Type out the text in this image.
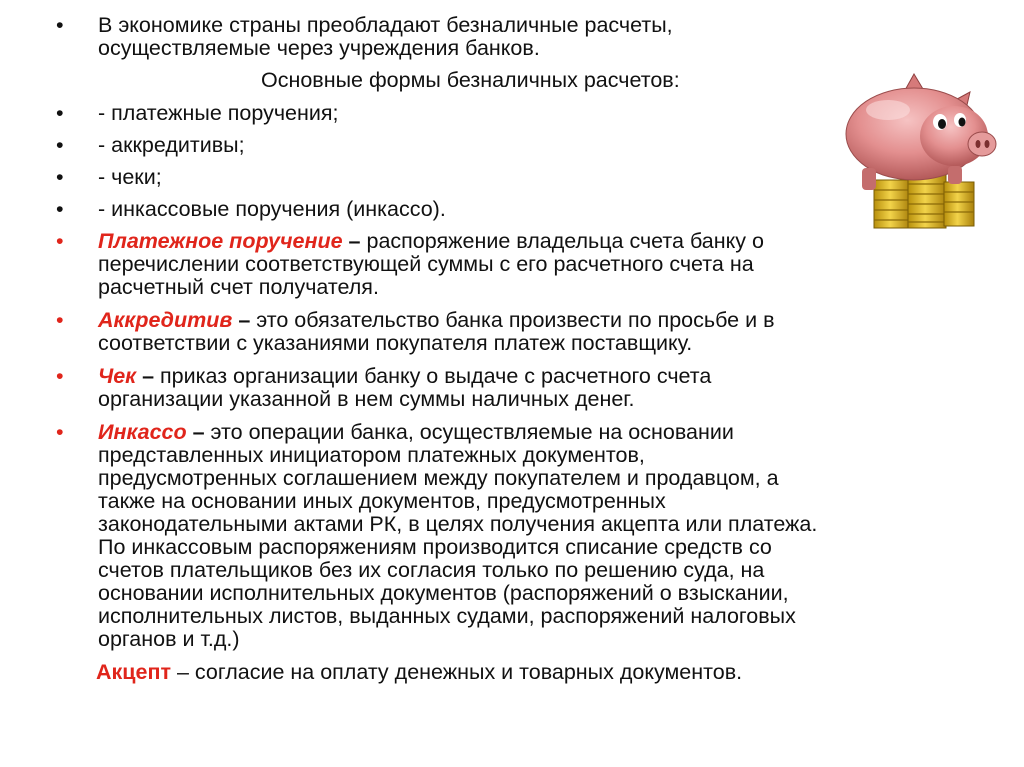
•	В экономике страны преобладают безналичные расчеты,
осуществляемые через учреждения банков.
Основные формы безналичных расчетов:
•	- платежные поручения;
•	- аккредитивы;
•	- чеки;
•	- инкассовые поручения (инкассо).
•	Платежное поручение – распоряжение владельца счета банку о
перечислении соответствующей суммы с его расчетного счета на
расчетный счет получателя.
•	Аккредитив – это обязательство банка произвести по просьбе и в
соответствии с указаниями покупателя платеж поставщику.
•	Чек – приказ организации банку о выдаче с расчетного счета
организации указанной в нем суммы наличных денег.
•	Инкассо – это операции банка, осуществляемые на основании
представленных инициатором платежных документов,
предусмотренных соглашением между покупателем и продавцом, а
также на основании иных документов, предусмотренных
законодательными актами РК, в целях получения акцепта или платежа.
По инкассовым распоряжениям производится списание средств со
счетов плательщиков без их согласия только по решению суда, на
основании исполнительных документов (распоряжений о взыскании,
исполнительных листов, выданных судами, распоряжений налоговых
органов и т.д.)
Акцепт – согласие на оплату денежных и товарных документов.
